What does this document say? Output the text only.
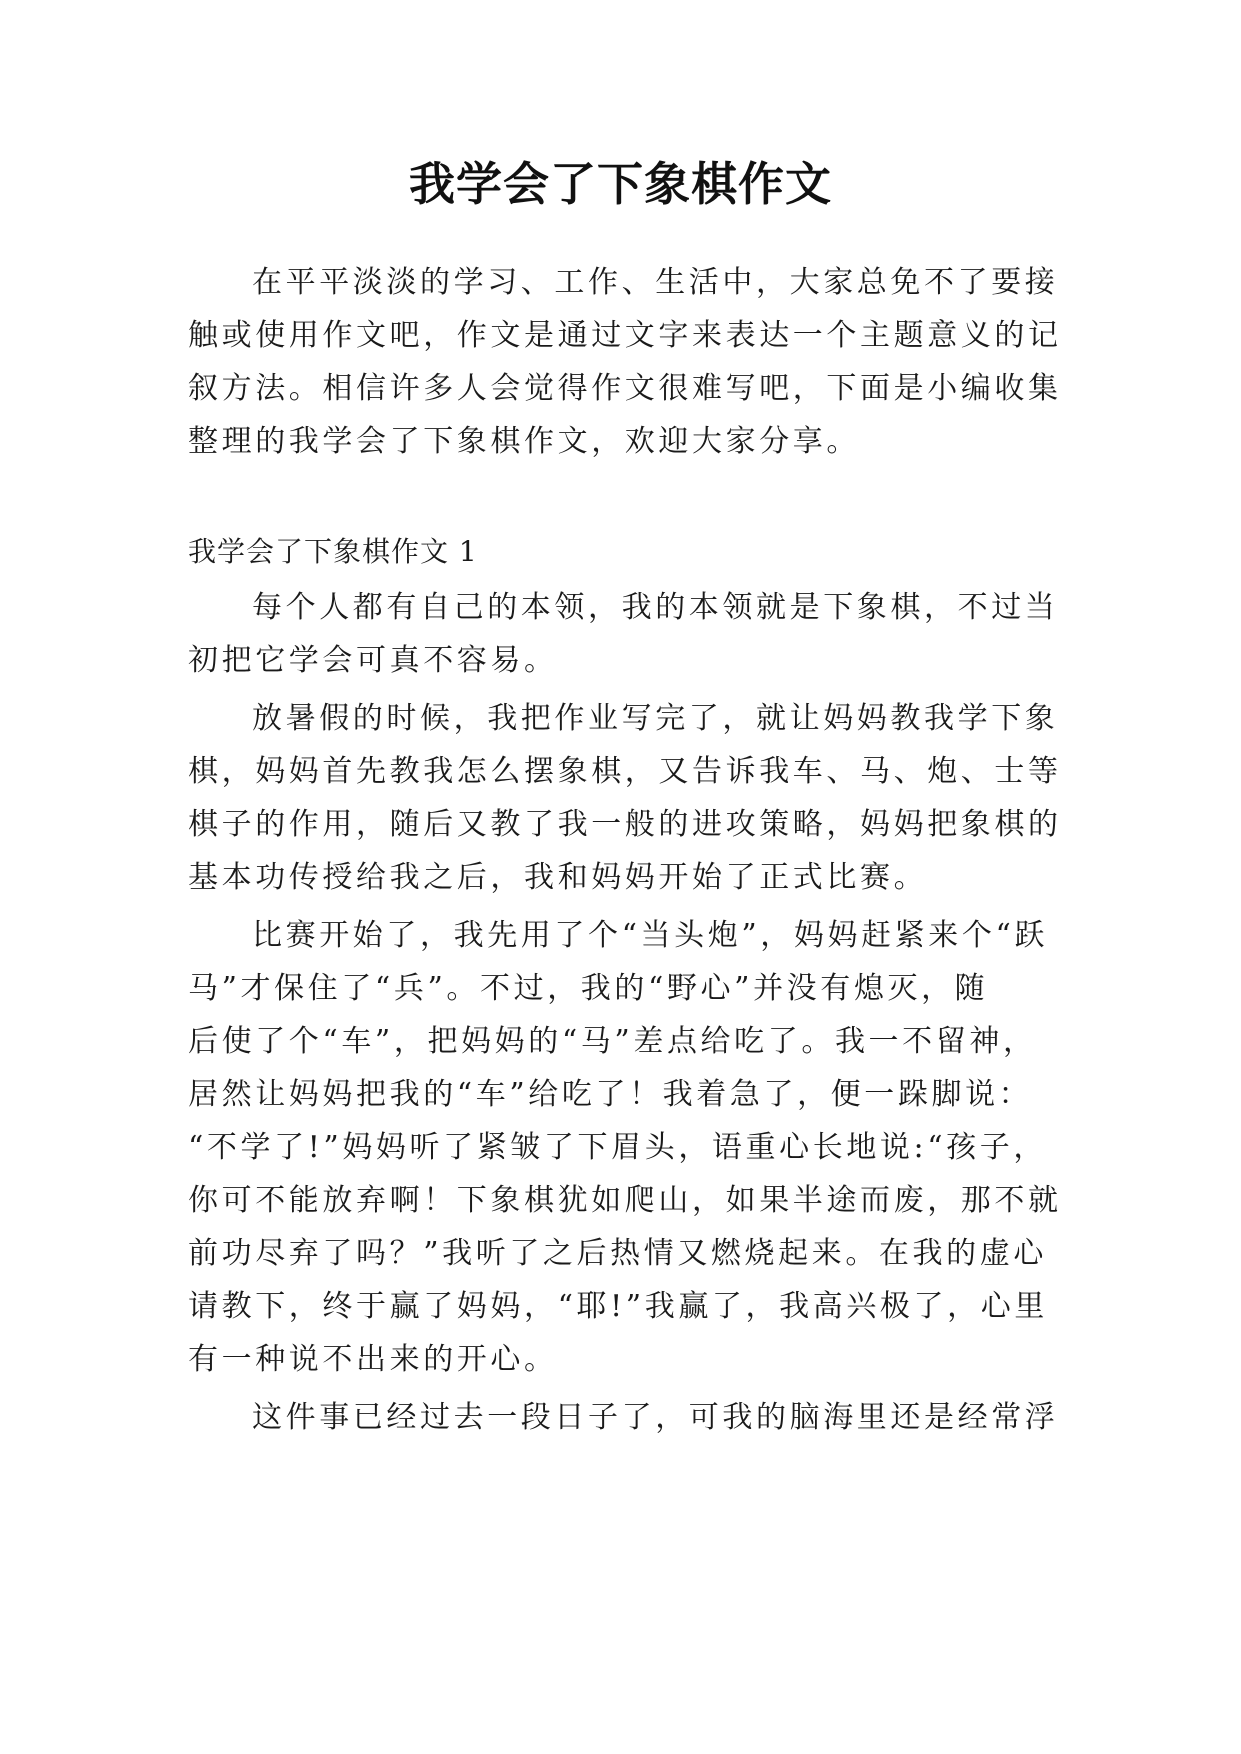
我学会了下象棋作文
在平平淡淡的学习、工作、生活中，大家总免不了要接
触或使用作文吧，作文是通过文字来表达一个主题意义的记
叙方法。相信许多人会觉得作文很难写吧，下面是小编收集
整理的我学会了下象棋作文，欢迎大家分享。
我学会了下象棋作文 1
每个人都有自己的本领，我的本领就是下象棋，不过当
初把它学会可真不容易。
放暑假的时候，我把作业写完了，就让妈妈教我学下象
棋，妈妈首先教我怎么摆象棋，又告诉我车、马、炮、士等
棋子的作用，随后又教了我一般的进攻策略，妈妈把象棋的
基本功传授给我之后，我和妈妈开始了正式比赛。
比赛开始了，我先用了个“当头炮”，妈妈赶紧来个“跃
马”才保住了“兵”。不过，我的“野心”并没有熄灭，随
后使了个“车”，把妈妈的“马”差点给吃了。我一不留神，
居然让妈妈把我的“车”给吃了！我着急了，便一跺脚说：
“不学了!”妈妈听了紧皱了下眉头，语重心长地说:“孩子，
你可不能放弃啊！下象棋犹如爬山，如果半途而废，那不就
前功尽弃了吗？”我听了之后热情又燃烧起来。在我的虚心
请教下，终于赢了妈妈，“耶!”我赢了，我高兴极了，心里
有一种说不出来的开心。
这件事已经过去一段日子了，可我的脑海里还是经常浮
